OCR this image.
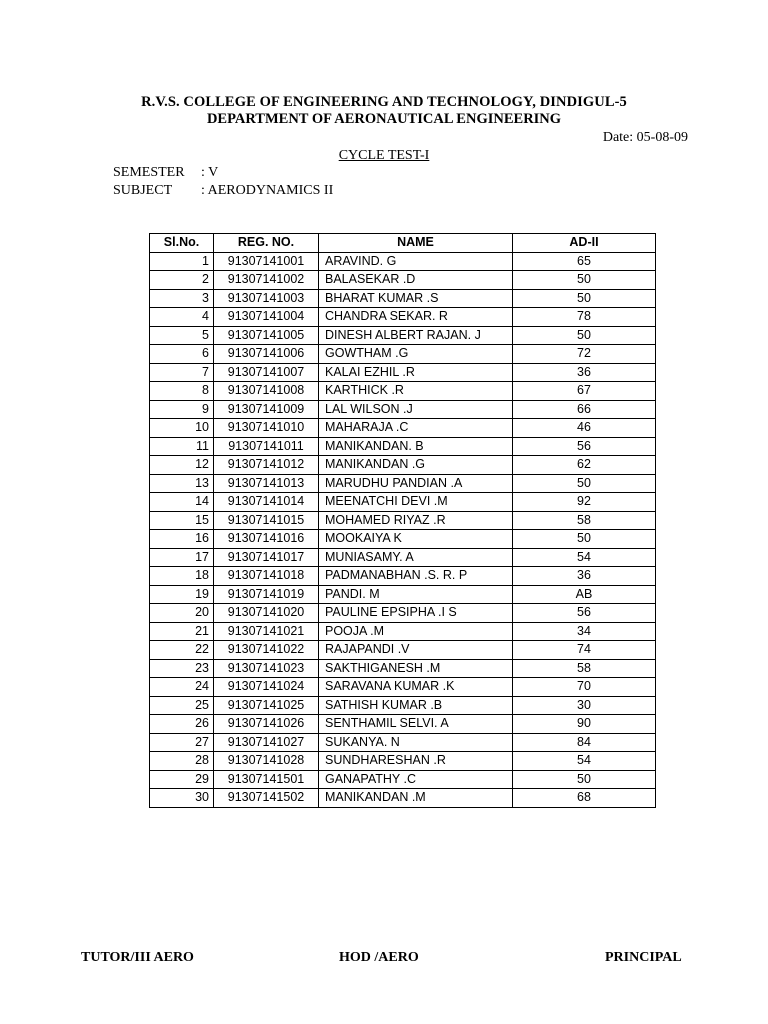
R.V.S. COLLEGE OF ENGINEERING AND TECHNOLOGY, DINDIGUL-5
DEPARTMENT OF AERONAUTICAL ENGINEERING
Date: 05-08-09
CYCLE TEST-I
SEMESTER : V
SUBJECT : AERODYNAMICS II
Sl.No.	REG. NO.	NAME	AD-II
1	91307141001	ARAVIND. G	65
2	91307141002	BALASEKAR .D	50
3	91307141003	BHARAT KUMAR .S	50
4	91307141004	CHANDRA SEKAR. R	78
5	91307141005	DINESH ALBERT RAJAN. J	50
6	91307141006	GOWTHAM .G	72
7	91307141007	KALAI EZHIL .R	36
8	91307141008	KARTHICK .R	67
9	91307141009	LAL WILSON .J	66
10	91307141010	MAHARAJA .C	46
11	91307141011	MANIKANDAN. B	56
12	91307141012	MANIKANDAN .G	62
13	91307141013	MARUDHU PANDIAN .A	50
14	91307141014	MEENATCHI DEVI .M	92
15	91307141015	MOHAMED RIYAZ .R	58
16	91307141016	MOOKAIYA K	50
17	91307141017	MUNIASAMY. A	54
18	91307141018	PADMANABHAN .S. R. P	36
19	91307141019	PANDI. M	AB
20	91307141020	PAULINE EPSIPHA .I S	56
21	91307141021	POOJA .M	34
22	91307141022	RAJAPANDI .V	74
23	91307141023	SAKTHIGANESH .M	58
24	91307141024	SARAVANA KUMAR .K	70
25	91307141025	SATHISH KUMAR .B	30
26	91307141026	SENTHAMIL SELVI. A	90
27	91307141027	SUKANYA. N	84
28	91307141028	SUNDHARESHAN .R	54
29	91307141501	GANAPATHY .C	50
30	91307141502	MANIKANDAN .M	68
TUTOR/III AERO	HOD /AERO	PRINCIPAL
